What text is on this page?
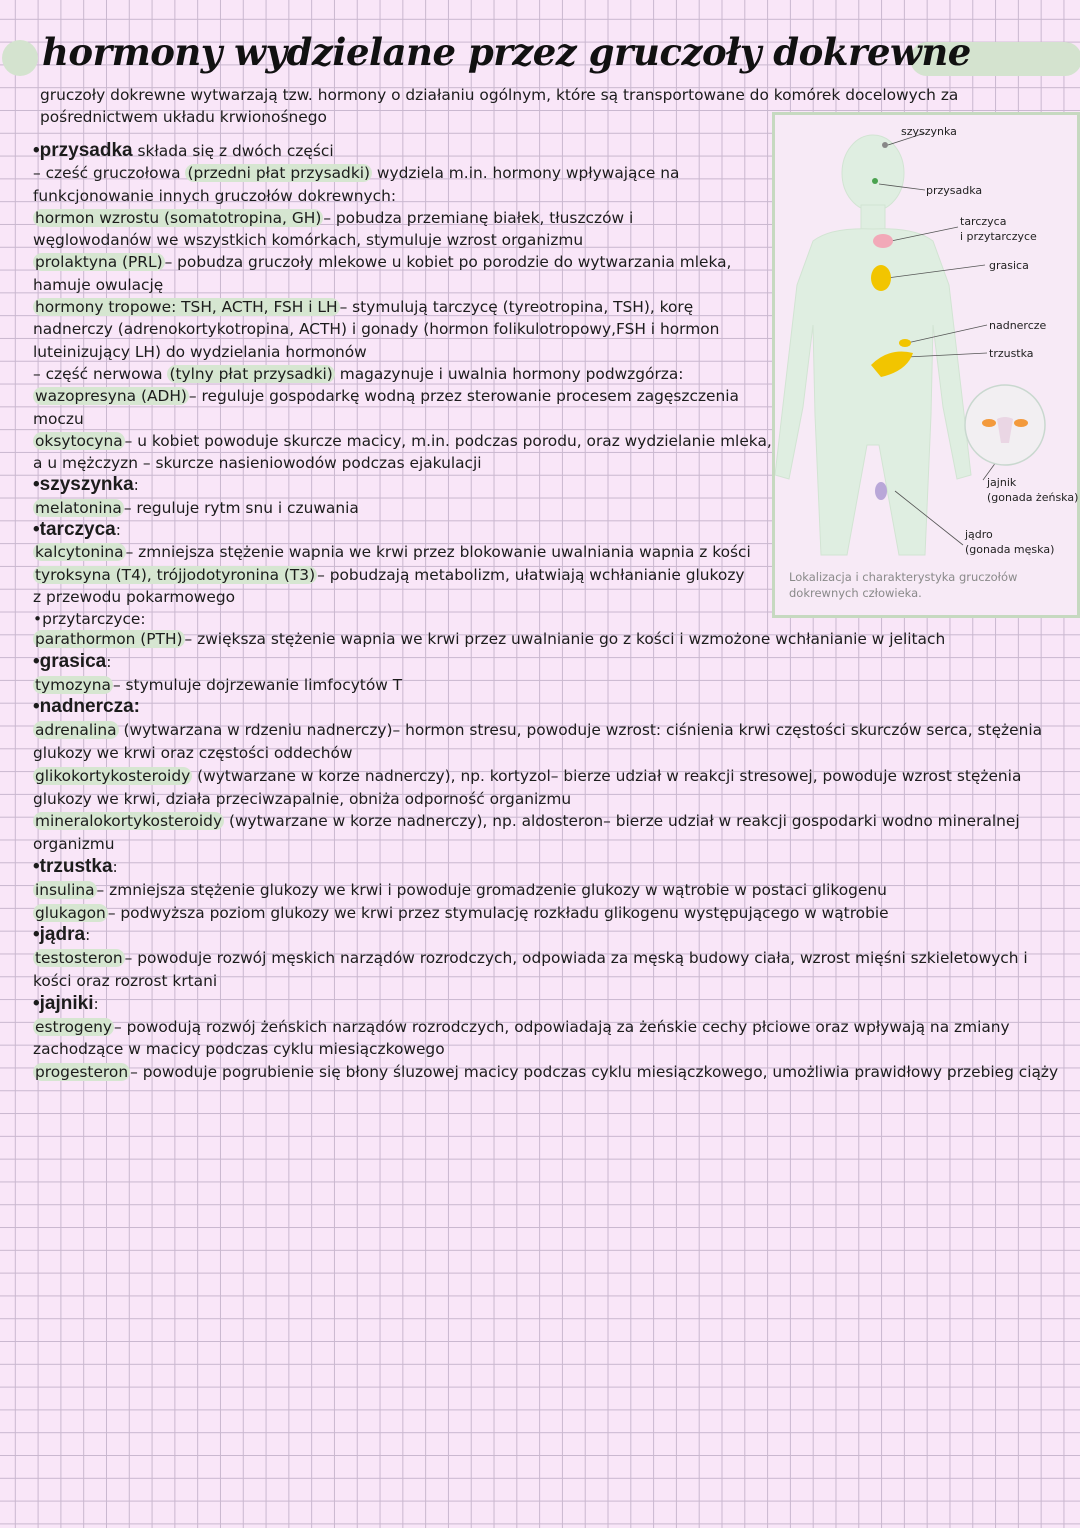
hormony wydzielane przez gruczoły dokrewne

gruczoły dokrewne wytwarzają tzw. hormony o działaniu ogólnym, które są transportowane do komórek docelowych za pośrednictwem układu krwionośnego

•przysadka składa się z dwóch części
– cześć gruczołowa (przedni płat przysadki) wydziela m.in. hormony wpływające na
funkcjonowanie innych gruczołów dokrewnych:
hormon wzrostu (somatotropina, GH) – pobudza przemianę białek, tłuszczów i
węglowodanów we wszystkich komórkach, stymuluje wzrost organizmu
prolaktyna (PRL) – pobudza gruczoły mlekowe u kobiet po porodzie do wytwarzania mleka,
hamuje owulację
hormony tropowe: TSH, ACTH, FSH i LH – stymulują tarczycę (tyreotropina, TSH), korę
nadnerczy (adrenokortykotropina, ACTH) i gonady (hormon folikulotropowy,FSH i hormon
luteinizujący LH) do wydzielania hormonów
– część nerwowa (tylny płat przysadki) magazynuje i uwalnia hormony podwzgórza:
wazopresyna (ADH) – reguluje gospodarkę wodną przez sterowanie procesem zagęszczenia
moczu
oksytocyna – u kobiet powoduje skurcze macicy, m.in. podczas porodu, oraz wydzielanie mleka,
a u mężczyzn – skurcze nasieniowodów podczas ejakulacji
•szyszynka:
melatonina – reguluje rytm snu i czuwania
•tarczyca:
kalcytonina – zmniejsza stężenie wapnia we krwi przez blokowanie uwalniania wapnia z kości
tyroksyna (T4), trójjodotyronina (T3) – pobudzają metabolizm, ułatwiają wchłanianie glukozy
z przewodu pokarmowego
•przytarczyce:
parathormon (PTH) – zwiększa stężenie wapnia we krwi przez uwalnianie go z kości i wzmożone wchłanianie w jelitach
•grasica:
tymozyna – stymuluje dojrzewanie limfocytów T
•nadnercza:
adrenalina (wytwarzana w rdzeniu nadnerczy)– hormon stresu, powoduje wzrost: ciśnienia krwi częstości skurczów serca, stężenia glukozy we krwi oraz częstości oddechów
glikokortykosteroidy (wytwarzane w korze nadnerczy), np. kortyzol– bierze udział w reakcji stresowej, powoduje wzrost stężenia glukozy we krwi, działa przeciwzapalnie, obniża odporność organizmu
mineralokortykosteroidy (wytwarzane w korze nadnerczy), np. aldosteron– bierze udział w reakcji gospodarki wodno mineralnej organizmu
•trzustka:
insulina – zmniejsza stężenie glukozy we krwi i powoduje gromadzenie glukozy w wątrobie w postaci glikogenu
glukagon – podwyższa poziom glukozy we krwi przez stymulację rozkładu glikogenu występującego w wątrobie
•jądra:
testosteron – powoduje rozwój męskich narządów rozrodczych, odpowiada za męską budowy ciała, wzrost mięśni szkieletowych i kości oraz rozrost krtani
•jajniki:
estrogeny – powodują rozwój żeńskich narządów rozrodczych, odpowiadają za żeńskie cechy płciowe oraz wpływają na zmiany zachodzące w macicy podczas cyklu miesiączkowego
progesteron – powoduje pogrubienie się błony śluzowej macicy podczas cyklu miesiączkowego, umożliwia prawidłowy przebieg ciąży
szyszynka
przysadka
tarczyca
i przytarczyce
grasica
nadnercze
trzustka
jajnik
(gonada żeńska)
jądro
(gonada męska)
Lokalizacja i charakterystyka gruczołów dokrewnych człowieka.
